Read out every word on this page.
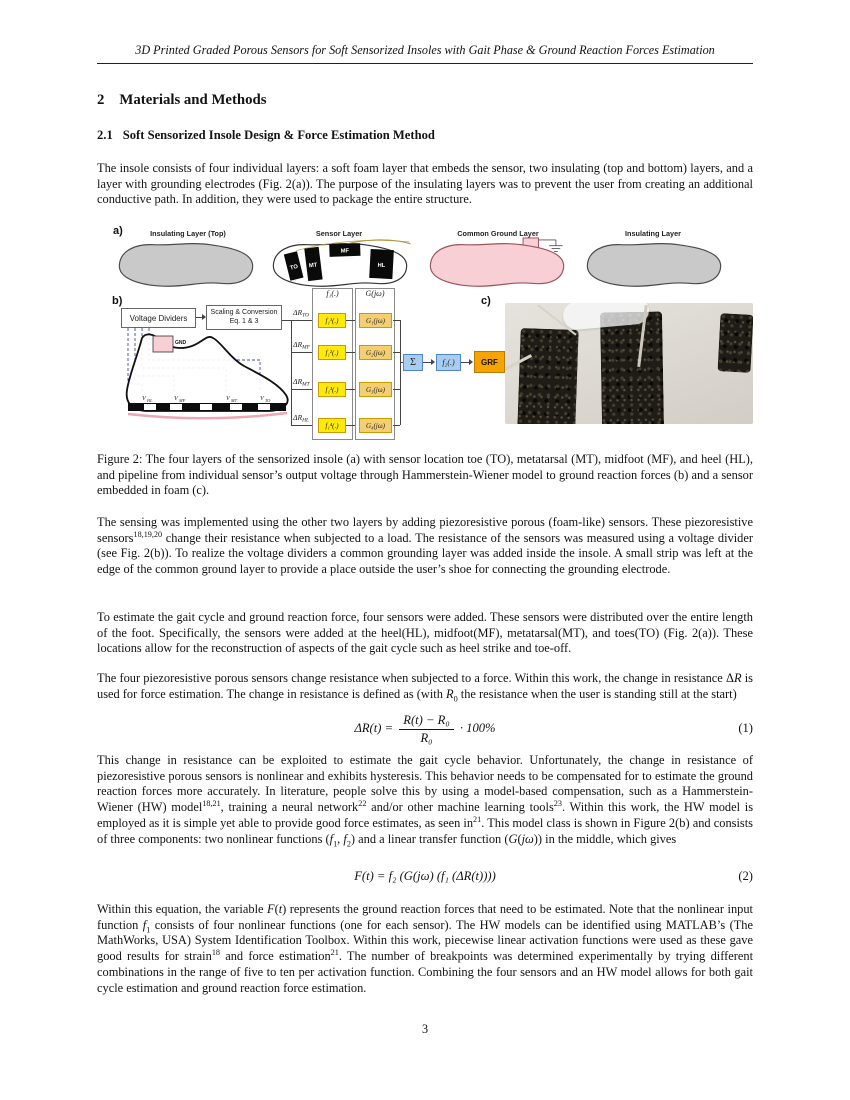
3D Printed Graded Porous Sensors for Soft Sensorized Insoles with Gait Phase & Ground Reaction Forces Estimation
2 Materials and Methods
2.1 Soft Sensorized Insole Design & Force Estimation Method
The insole consists of four individual layers: a soft foam layer that embeds the sensor, two insulating (top and bottom) layers, and a layer with grounding electrodes (Fig. 2(a)). The purpose of the insulating layers was to prevent the user from creating an additional conductive path. In addition, they were used to package the entire structure.
a)	Insulating Layer (Top)	Sensor Layer	Common Ground Layer	Insulating Layer
TO MT
MF
HL
b)
Voltage Dividers
Scaling & Conversion
Eq. 1 & 3
ΔRTO
ΔRMF
ΔRMT
ΔRHL
f₁(.)
f₁¹(.)
f₁²(.)
f₁³(.)
f₁⁴(.)
G(jω)
G₁(jω)
G₂(jω)
G₃(jω)
G₄(jω)
Σ	f₂(.)	GRF
GND
V HL	V MF	V MT	V TO
c)
Figure 2: The four layers of the sensorized insole (a) with sensor location toe (TO), metatarsal (MT), midfoot (MF), and heel (HL), and pipeline from individual sensor’s output voltage through Hammerstein-Wiener model to ground reaction forces (b) and a sensor embedded in foam (c).
The sensing was implemented using the other two layers by adding piezoresistive porous (foam-like) sensors. These piezoresistive sensors$^{18,19,20}$ change their resistance when subjected to a load. The resistance of the sensors was measured using a voltage divider (see Fig. 2(b)). To realize the voltage dividers a common grounding layer was added inside the insole. A small strip was left at the edge of the common ground layer to provide a place outside the user’s shoe for connecting the grounding electrode.
To estimate the gait cycle and ground reaction force, four sensors were added. These sensors were distributed over the entire length of the foot. Specifically, the sensors were added at the heel(HL), midfoot(MF), metatarsal(MT), and toes(TO) (Fig. 2(a)). These locations allow for the reconstruction of aspects of the gait cycle such as heel strike and toe-off.
The four piezoresistive porous sensors change resistance when subjected to a force. Within this work, the change in resistance ΔR is used for force estimation. The change in resistance is defined as (with $R_0$ the resistance when the user is standing still at the start)
$\Delta R(t) = \frac{\text{R(t) − R₀}}{\text{R₀}} \cdot 100\%$	(1)
This change in resistance can be exploited to estimate the gait cycle behavior. Unfortunately, the change in resistance of piezoresistive porous sensors is nonlinear and exhibits hysteresis. This behavior needs to be compensated for to estimate the ground reaction forces more accurately. In literature, people solve this by using a model-based compensation, such as a Hammerstein-Wiener (HW) model$^{18,21}$, training a neural network$^{22}$ and/or other machine learning tools$^{23}$. Within this work, the HW model is employed as it is simple yet able to provide good force estimates, as seen $in^{21}$. This model class is shown in Figure 2(b) and consists of three components: two nonlinear functions ($f_1$, $f_2$) and a linear transfer function (G(jω)) in the middle, which gives
F(t) = f₂ (G(jω) (f₁ (ΔR(t))))	(2)
Within this equation, the variable F(t) represents the ground reaction forces that need to be estimated. Note that the nonlinear input function $f_1$ consists of four nonlinear functions (one for each sensor). The HW models can be identified using MATLAB’s (The MathWorks, USA) System Identification Toolbox. Within this work, piecewise linear activation functions were used as these gave good results for strain$^{18}$ and force estimation$^{21}$. The number of breakpoints was determined experimentally by trying different combinations in the range of five to ten per activation function. Combining the four sensors and an HW model allows for both gait cycle estimation and ground reaction force estimation.
3
